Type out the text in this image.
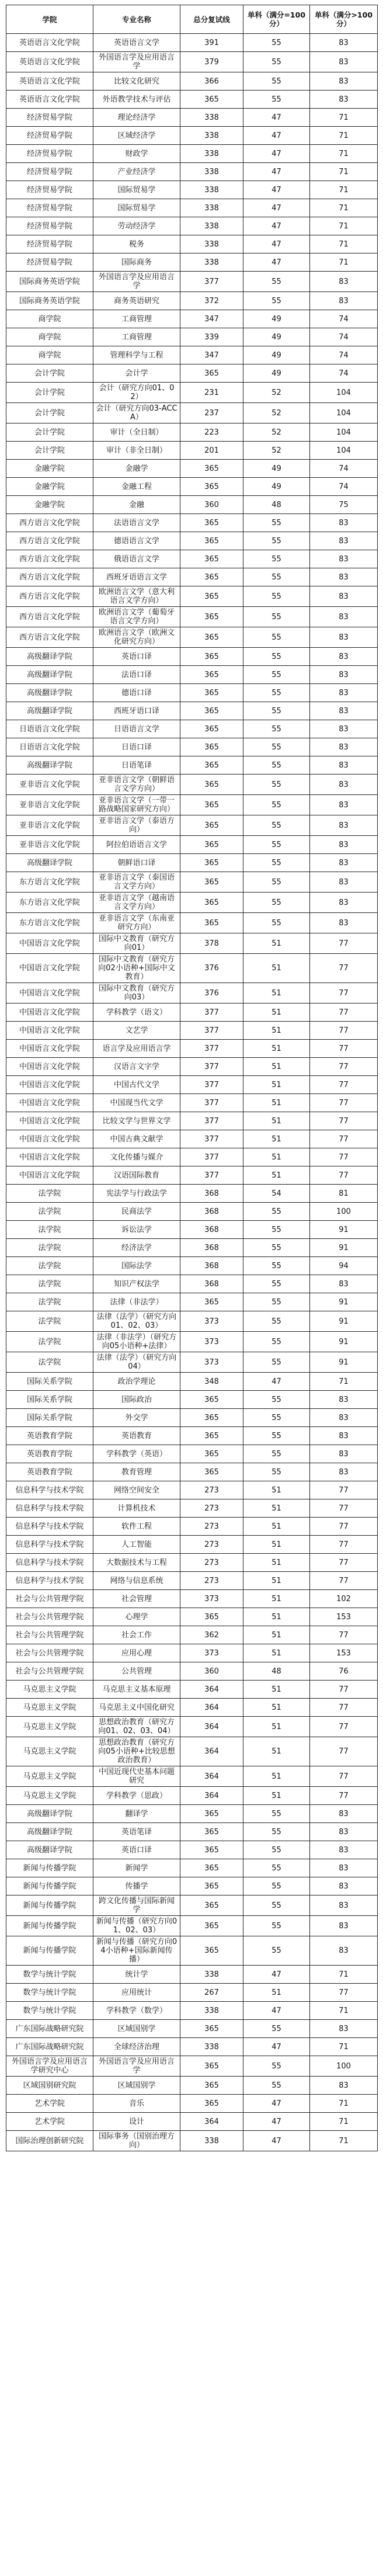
学院	专业名称	总分复试线	单科（满分=100分）	单科（满分>100分）
英语语言文化学院	英语语言文学	391	55	83
英语语言文化学院	外国语言学及应用语言学	379	55	83
英语语言文化学院	比较文化研究	366	55	83
英语语言文化学院	外语教学技术与评估	365	55	83
经济贸易学院	理论经济学	338	47	71
经济贸易学院	区域经济学	338	47	71
经济贸易学院	财政学	338	47	71
经济贸易学院	产业经济学	338	47	71
经济贸易学院	国际贸易学	338	47	71
经济贸易学院	国际贸易学	338	47	71
经济贸易学院	劳动经济学	338	47	71
经济贸易学院	税务	338	47	71
经济贸易学院	国际商务	338	47	71
国际商务英语学院	外国语言学及应用语言学	377	55	83
国际商务英语学院	商务英语研究	372	55	83
商学院	工商管理	347	49	74
商学院	工商管理	339	49	74
商学院	管理科学与工程	347	49	74
会计学院	会计学	365	49	74
会计学院	会计（研究方向01、02）	231	52	104
会计学院	会计（研究方向03-ACCA）	237	52	104
会计学院	审计（全日制）	223	52	104
会计学院	审计（非全日制）	201	52	104
金融学院	金融学	365	49	74
金融学院	金融工程	365	49	74
金融学院	金融	360	48	75
西方语言文化学院	法语语言文学	365	55	83
西方语言文化学院	德语语言文学	365	55	83
西方语言文化学院	俄语语言文学	365	55	83
西方语言文化学院	西班牙语语言文学	365	55	83
西方语言文化学院	欧洲语言文学（意大利语言文学方向）	365	55	83
西方语言文化学院	欧洲语言文学（葡萄牙语言文学方向）	365	55	83
西方语言文化学院	欧洲语言文学（欧洲文化研究方向）	365	55	83
高级翻译学院	英语口译	365	55	83
高级翻译学院	法语口译	365	55	83
高级翻译学院	德语口译	365	55	83
高级翻译学院	西班牙语口译	365	55	83
日语语言文化学院	日语语言文学	365	55	83
日语语言文化学院	日语口译	365	55	83
高级翻译学院	日语笔译	365	55	83
亚非语言文化学院	亚非语言文学（朝鲜语言文学方向）	365	55	83
亚非语言文化学院	亚非语言文学（一带一路战略国家研究方向）	365	55	83
亚非语言文化学院	亚非语言文学（泰语方向）	365	55	83
亚非语言文化学院	阿拉伯语语言文学	365	55	83
高级翻译学院	朝鲜语口译	365	55	83
东方语言文化学院	亚非语言文学（泰国语言文学方向）	365	55	83
东方语言文化学院	亚非语言文学（越南语言文学方向）	365	55	83
东方语言文化学院	亚非语言文学（东南亚研究方向）	365	55	83
中国语言文化学院	国际中文教育（研究方向01）	378	51	77
中国语言文化学院	国际中文教育（研究方向02小语种+国际中文教育）	376	51	77
中国语言文化学院	国际中文教育（研究方向03）	376	51	77
中国语言文化学院	学科教学（语文）	377	51	77
中国语言文化学院	文艺学	377	51	77
中国语言文化学院	语言学及应用语言学	377	51	77
中国语言文化学院	汉语言文字学	377	51	77
中国语言文化学院	中国古代文学	377	51	77
中国语言文化学院	中国现当代文学	377	51	77
中国语言文化学院	比较文学与世界文学	377	51	77
中国语言文化学院	中国古典文献学	377	51	77
中国语言文化学院	文化传播与媒介	377	51	77
中国语言文化学院	汉语国际教育	377	51	77
法学院	宪法学与行政法学	368	54	81
法学院	民商法学	368	55	100
法学院	诉讼法学	368	55	91
法学院	经济法学	368	55	91
法学院	国际法学	368	55	94
法学院	知识产权法学	368	55	83
法学院	法律（非法学）	365	55	91
法学院	法律（法学）（研究方向01、02、03）	373	55	91
法学院	法律（非法学）（研究方向05小语种+法律）	373	55	91
法学院	法律（法学）（研究方向04）	373	55	91
国际关系学院	政治学理论	348	47	71
国际关系学院	国际政治	365	55	83
国际关系学院	外交学	365	55	83
英语教育学院	英语教育	365	55	83
英语教育学院	学科教学（英语）	365	55	83
英语教育学院	教育管理	365	55	83
信息科学与技术学院	网络空间安全	273	51	77
信息科学与技术学院	计算机技术	273	51	77
信息科学与技术学院	软件工程	273	51	77
信息科学与技术学院	人工智能	273	51	77
信息科学与技术学院	大数据技术与工程	273	51	77
信息科学与技术学院	网络与信息系统	273	51	77
社会与公共管理学院	社会管理	373	51	102
社会与公共管理学院	心理学	365	51	153
社会与公共管理学院	社会工作	362	51	77
社会与公共管理学院	应用心理	373	51	153
社会与公共管理学院	公共管理	360	48	76
马克思主义学院	马克思主义基本原理	364	51	77
马克思主义学院	马克思主义中国化研究	364	51	77
马克思主义学院	思想政治教育（研究方向01、02、03、04）	364	51	77
马克思主义学院	思想政治教育（研究方向05小语种+比较思想政治教育）	364	51	77
马克思主义学院	中国近现代史基本问题研究	364	51	77
马克思主义学院	学科教学（思政）	364	51	77
高级翻译学院	翻译学	365	55	83
高级翻译学院	英语笔译	365	55	83
高级翻译学院	英语口译	365	55	83
新闻与传播学院	新闻学	365	55	83
新闻与传播学院	传播学	365	55	83
新闻与传播学院	跨文化传播与国际新闻学	365	55	83
新闻与传播学院	新闻与传播（研究方向01、02、03）	365	55	83
新闻与传播学院	新闻与传播（研究方向04小语种+国际新闻传播）	365	55	83
数学与统计学院	统计学	338	47	71
数学与统计学院	应用统计	267	51	77
数学与统计学院	学科教学（数学）	338	47	71
广东国际战略研究院	区域国别学	365	55	83
广东国际战略研究院	全球经济治理	338	47	71
外国语言学及应用语言学研究中心	外国语言学及应用语言学	365	55	100
区域国别研究院	区域国别学	365	55	83
艺术学院	音乐	365	47	71
艺术学院	设计	364	47	71
国际治理创新研究院	国际事务（国别治理方向）	338	47	71
